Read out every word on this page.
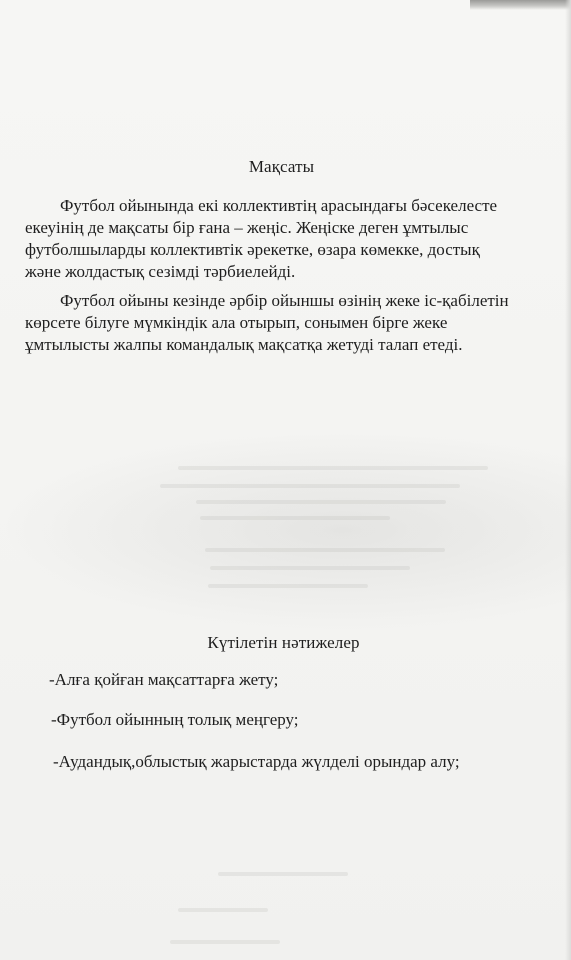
Мақсаты
Футбол ойынында екі коллективтің арасындағы бәсекелесте
екеуінің де мақсаты бір ғана – жеңіс. Жеңіске деген ұмтылыс
футболшыларды коллективтік әрекетке, өзара көмекке, достық
және жолдастық сезімді тәрбиелейді.
Футбол ойыны кезінде әрбір ойыншы өзінің жеке іс-қабілетін
көрсете білуге мүмкіндік ала отырып, сонымен бірге жеке
ұмтылысты жалпы командалық мақсатқа жетуді талап етеді.
Күтілетін нәтижелер
-Алға қойған мақсаттарға жету;
-Футбол ойынның толық меңгеру;
-Аудандық,облыстық жарыстарда жүлделі орындар алу;
